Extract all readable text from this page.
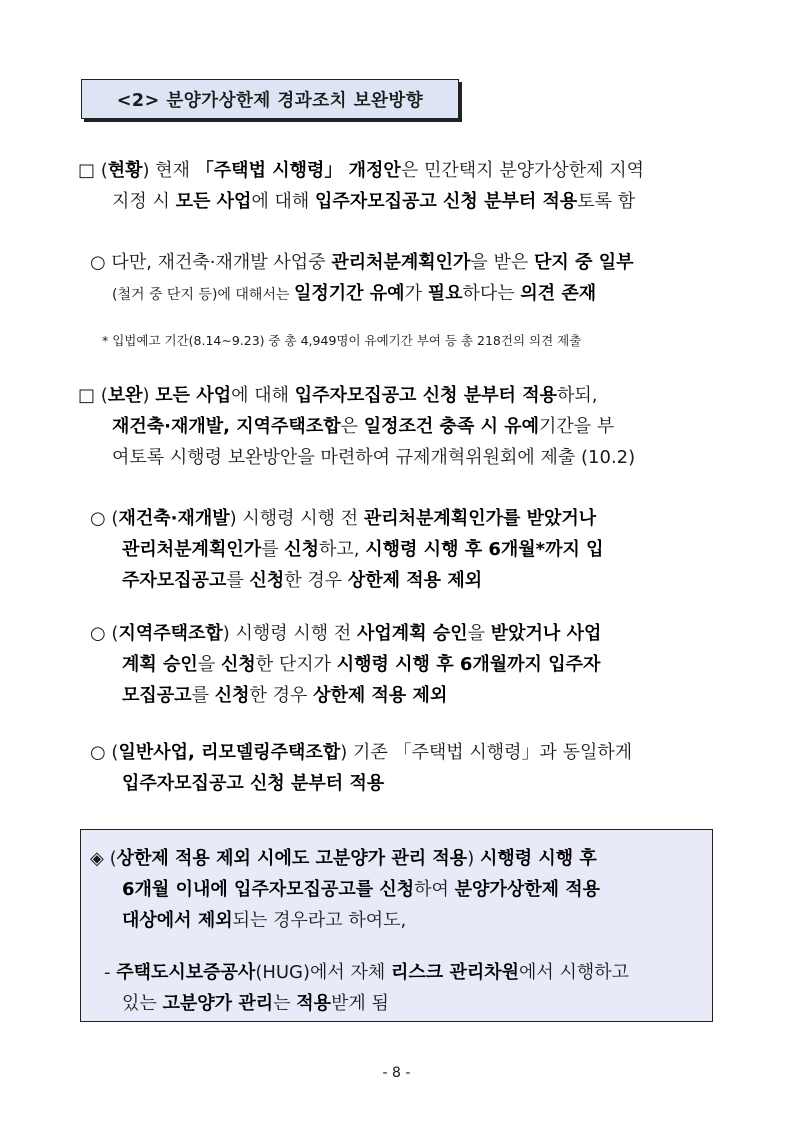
<2> 분양가상한제 경과조치 보완방향
□ (현황) 현재 「주택법 시행령」 개정안은 민간택지 분양가상한제 지역
지정 시 모든 사업에 대해 입주자모집공고 신청 분부터 적용토록 함
○ 다만, 재건축·재개발 사업중 관리처분계획인가을 받은 단지 중 일부
(철거 중 단지 등)에 대해서는 일정기간 유예가 필요하다는 의견 존재
* 입법예고 기간(8.14∼9.23) 중 총 4,949명이 유예기간 부여 등 총 218건의 의견 제출
□ (보완) 모든 사업에 대해 입주자모집공고 신청 분부터 적용하되,
재건축·재개발, 지역주택조합은 일정조건 충족 시 유예기간을 부
여토록 시행령 보완방안을 마련하여 규제개혁위원회에 제출 (10.2)
○ (재건축·재개발) 시행령 시행 전 관리처분계획인가를 받았거나
관리처분계획인가를 신청하고, 시행령 시행 후 6개월*까지 입
주자모집공고를 신청한 경우 상한제 적용 제외
○ (지역주택조합) 시행령 시행 전 사업계획 승인을 받았거나 사업
계획 승인을 신청한 단지가 시행령 시행 후 6개월까지 입주자
모집공고를 신청한 경우 상한제 적용 제외
○ (일반사업, 리모델링주택조합) 기존 「주택법 시행령」과 동일하게
입주자모집공고 신청 분부터 적용
◈ (상한제 적용 제외 시에도 고분양가 관리 적용) 시행령 시행 후
6개월 이내에 입주자모집공고를 신청하여 분양가상한제 적용
대상에서 제외되는 경우라고 하여도,
- 주택도시보증공사(HUG)에서 자체 리스크 관리차원에서 시행하고
있는 고분양가 관리는 적용받게 됨
- 8 -
